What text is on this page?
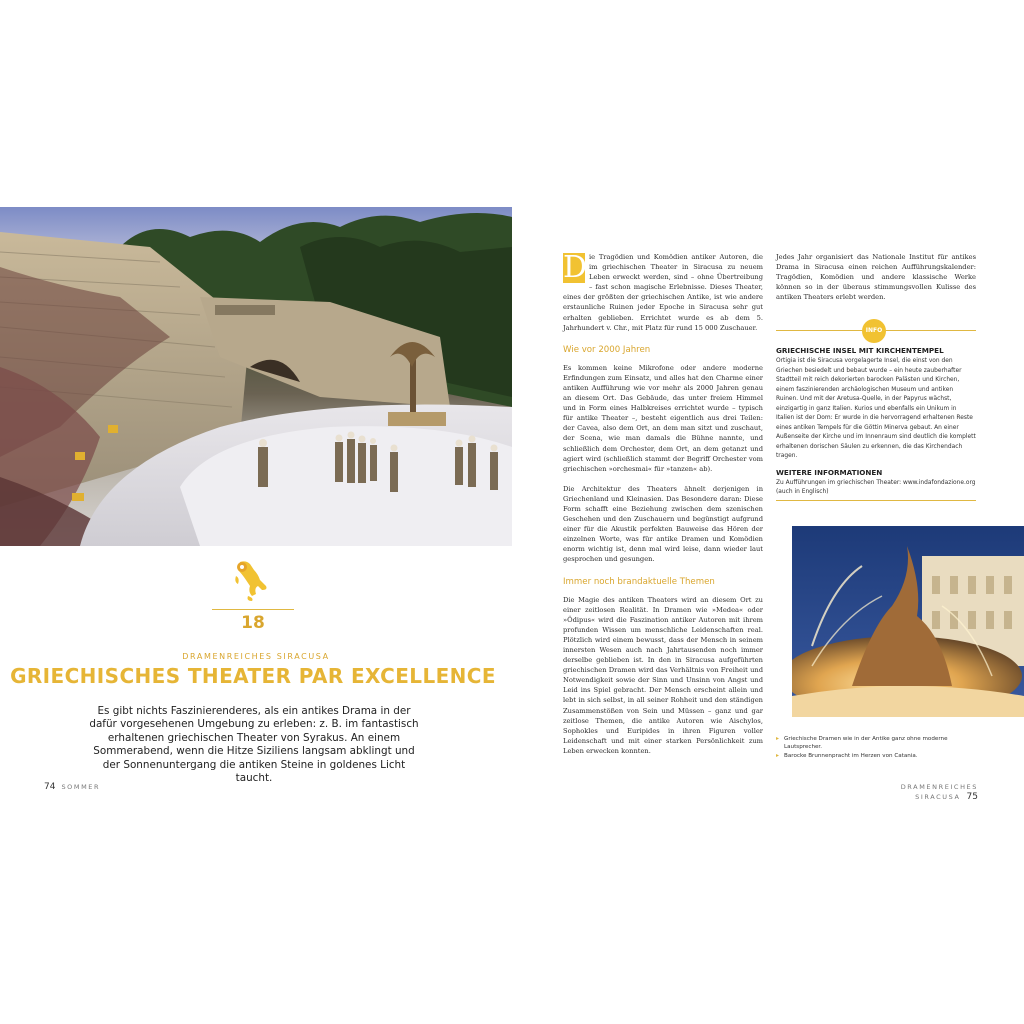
18
DRAMENREICHES SIRACUSA
GRIECHISCHES THEATER PAR EXCELLENCE
Es gibt nichts Faszinierenderes, als ein antikes Drama in der dafür vorgesehenen Umgebung zu erleben: z. B. im fantastisch erhaltenen griechischen Theater von Syrakus. An einem Sommerabend, wenn die Hitze Siziliens langsam abklingt und der Sonnenuntergang die antiken Steine in goldenes Licht taucht.
74 SOMMER

D ie Tragödien und Komödien antiker Autoren, die im griechischen Theater in Siracusa zu neuem Leben erweckt werden, sind – ohne Übertreibung – fast schon magische Erlebnisse. Dieses Theater, eines der größten der griechischen Antike, ist wie andere erstaunliche Ruinen jeder Epoche in Siracusa sehr gut erhalten geblieben. Errichtet wurde es ab dem 5. Jahrhundert v. Chr., mit Platz für rund 15 000 Zuschauer.

Wie vor 2000 Jahren

Es kommen keine Mikrofone oder andere moderne Erfindungen zum Einsatz, und alles hat den Charme einer antiken Aufführung wie vor mehr als 2000 Jahren genau an diesem Ort. Das Gebäude, das unter freiem Himmel und in Form eines Halbkreises errichtet wurde – typisch für antike Theater –, besteht eigentlich aus drei Teilen: der Cavea, also dem Ort, an dem man sitzt und zuschaut, der Scena, wie man damals die Bühne nannte, und schließlich dem Orchester, dem Ort, an dem getanzt und agiert wird (schließlich stammt der Begriff Orchester vom griechischen »orchesmai« für »tanzen« ab).

Die Architektur des Theaters ähnelt derjenigen in Griechenland und Kleinasien. Das Besondere daran: Diese Form schafft eine Beziehung zwischen dem szenischen Geschehen und den Zuschauern und begünstigt aufgrund einer für die Akustik perfekten Bauweise das Hören der einzelnen Worte, was für antike Dramen und Komödien enorm wichtig ist, denn mal wird leise, dann wieder laut gesprochen und gesungen.

Immer noch brandaktuelle Themen

Die Magie des antiken Theaters wird an diesem Ort zu einer zeitlosen Realität. In Dramen wie »Medea« oder »Ödipus« wird die Faszination antiker Autoren mit ihrem profunden Wissen um menschliche Leidenschaften real. Plötzlich wird einem bewusst, dass der Mensch in seinem innersten Wesen auch nach Jahrtausenden noch immer derselbe geblieben ist. In den in Siracusa aufgeführten griechischen Dramen wird das Verhältnis von Freiheit und Notwendigkeit sowie der Sinn und Unsinn von Angst und Leid ins Spiel gebracht. Der Mensch erscheint allein und lebt in sich selbst, in all seiner Rohheit und den ständigen Zusammenstößen von Sein und Müssen – ganz und gar zeitlose Themen, die antike Autoren wie Aischylos, Sophokles und Euripides in ihren Figuren voller Leidenschaft und mit einer starken Persönlichkeit zum Leben erwecken konnten.

Jedes Jahr organisiert das Nationale Institut für antikes Drama in Siracusa einen reichen Aufführungskalender: Tragödien, Komödien und andere klassische Werke können so in der überaus stimmungsvollen Kulisse des antiken Theaters erlebt werden.

INFO
GRIECHISCHE INSEL MIT KIRCHENTEMPEL

Ortigia ist die Siracusa vorgelagerte Insel, die einst von den Griechen besiedelt und bebaut wurde – ein heute zauberhafter Stadtteil mit reich dekorierten barocken Palästen und Kirchen, einem faszinierenden archäologischen Museum und antiken Ruinen. Und mit der Aretusa-Quelle, in der Papyrus wächst, einzigartig in ganz Italien. Kurios und ebenfalls ein Unikum in Italien ist der Dom: Er wurde in die hervorragend erhaltenen Reste eines antiken Tempels für die Göttin Minerva gebaut. An einer Außenseite der Kirche und im Innenraum sind deutlich die komplett erhaltenen dorischen Säulen zu erkennen, die das Kirchendach tragen.

WEITERE INFORMATIONEN

Zu Aufführungen im griechischen Theater: www.indafondazione.org (auch in Englisch)

▸ Griechische Dramen wie in der Antike ganz ohne moderne Lautsprecher.

▸ Barocke Brunnenpracht im Herzen von Catania.

DRAMENREICHES SIRACUSA 75
